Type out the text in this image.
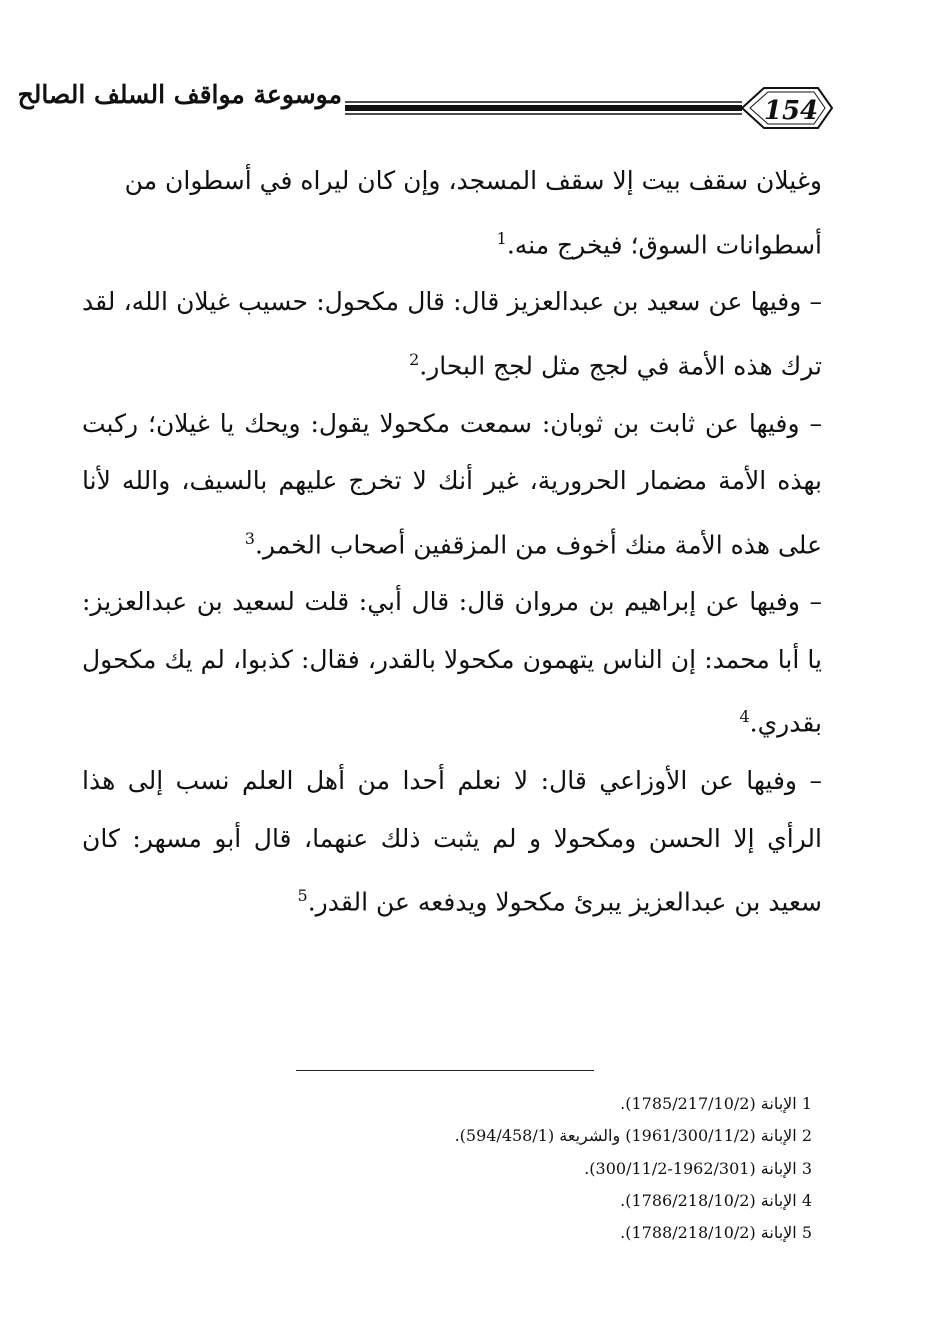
154
موسوعة مواقف السلف الصالح

وغيلان سقف بيت إلا سقف المسجد، وإن كان ليراه في أسطوان من
أسطوانات السوق؛ فيخرج منه.$^1$

– وفيها عن سعيد بن عبدالعزيز قال: قال مكحول: حسيب غيلان الله، لقد ترك هذه الأمة في لجج مثل لجج البحار.$^2$

– وفيها عن ثابت بن ثوبان: سمعت مكحولا يقول: ويحك يا غيلان؛ ركبت بهذه الأمة مضمار الحرورية، غير أنك لا تخرج عليهم بالسيف، والله لأنا على هذه الأمة منك أخوف من المزقفين أصحاب الخمر.$^3$

– وفيها عن إبراهيم بن مروان قال: قال أبي: قلت لسعيد بن عبدالعزيز: يا أبا محمد: إن الناس يتهمون مكحولا بالقدر، فقال: كذبوا، لم يك مكحول بقدري.$^4$

– وفيها عن الأوزاعي قال: لا نعلم أحدا من أهل العلم نسب إلى هذا الرأي إلا الحسن ومكحولا و لم يثبت ذلك عنهما، قال أبو مسهر: كان سعيد بن عبدالعزيز يبرئ مكحولا ويدفعه عن القدر.$^5$

1 الإبانة (1785/217/10/2).
2 الإبانة (1961/300/11/2) والشريعة (594/458/1).
3 الإبانة (1962/301-300/11/2).
4 الإبانة (1786/218/10/2).
5 الإبانة (1788/218/10/2).
